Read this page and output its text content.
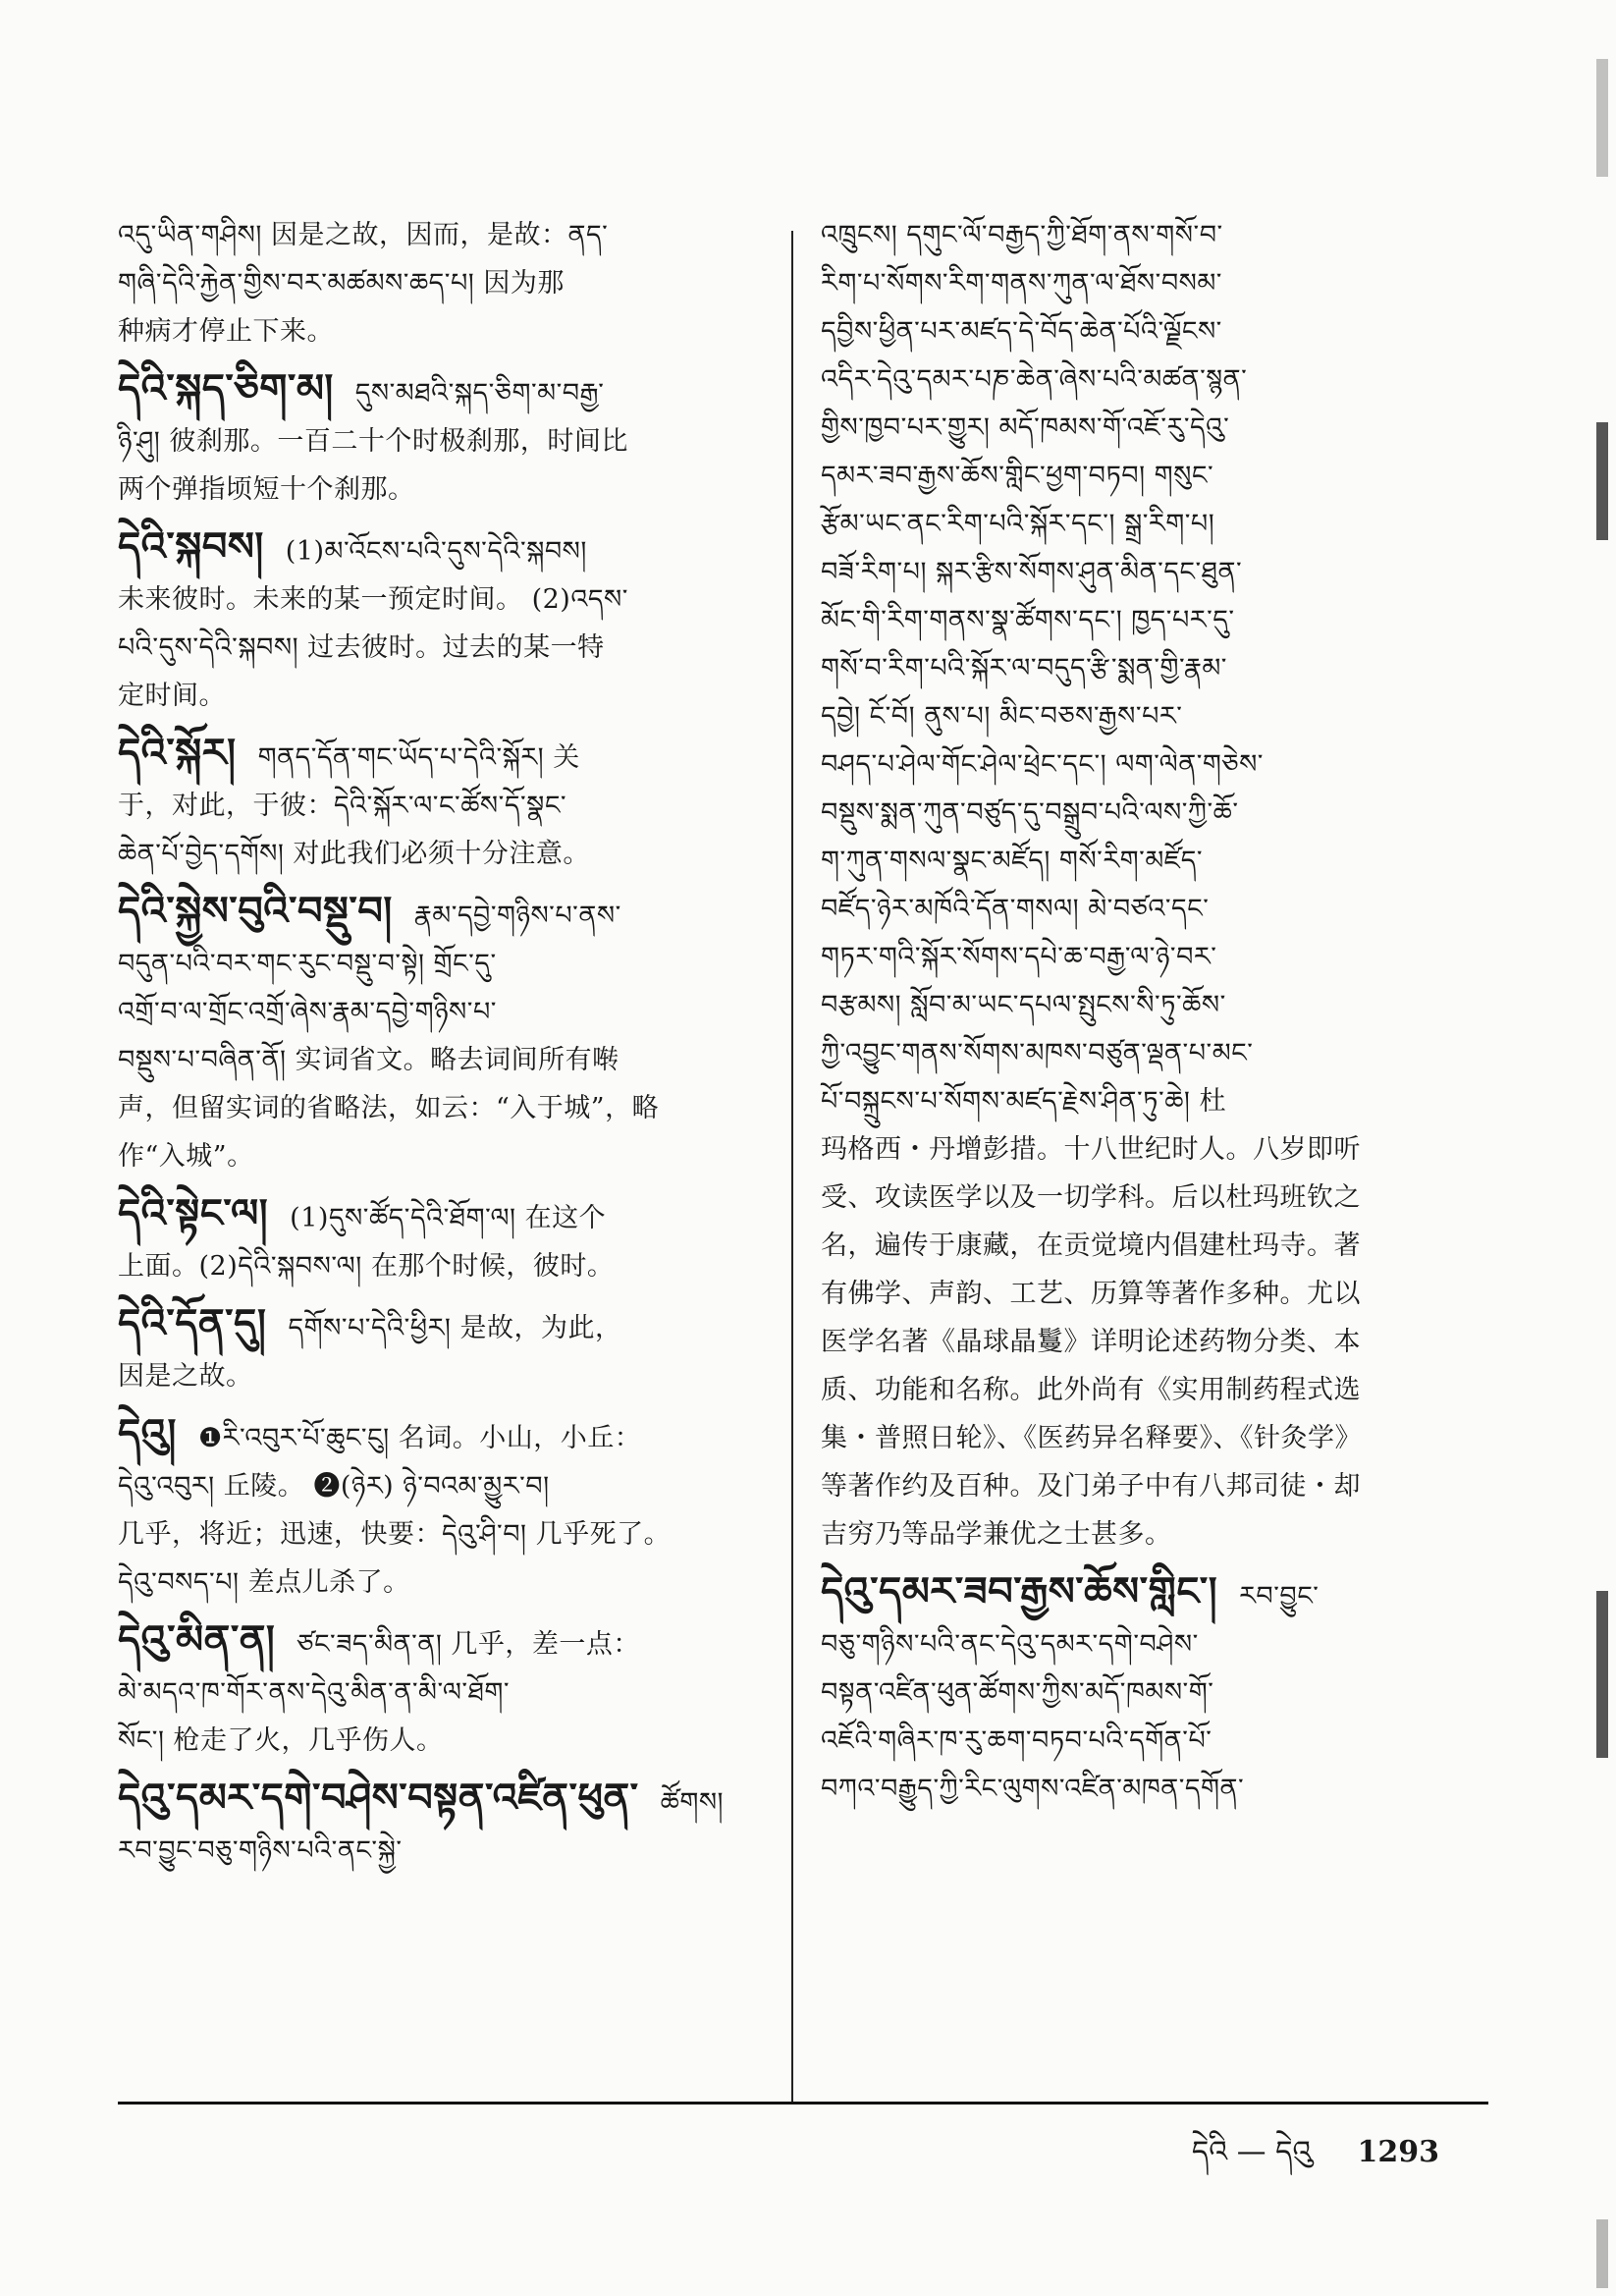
འདུ་ཡིན་གཤིས། 因是之故，因而，是故：ནད་

གཞི་དེའི་རྐྱེན་གྱིས་བར་མཚམས་ཆད་པ། 因为那

种病才停止下来。

དེའི་སྐད་ཅིག་མ། དུས་མཐའི་སྐད་ཅིག་མ་བརྒྱ་

ཉི་ཤུ། 彼刹那。一百二十个时极刹那，时间比

两个弹指顷短十个刹那。

དེའི་སྐབས། (1)མ་འོངས་པའི་དུས་དེའི་སྐབས།

未来彼时。未来的某一预定时间。 (2)འདས་

པའི་དུས་དེའི་སྐབས། 过去彼时。过去的某一特

定时间。

དེའི་སྐོར། གནད་དོན་གང་ཡོད་པ་དེའི་སྐོར། 关

于，对此，于彼：དེའི་སྐོར་ལ་ང་ཚོས་དོ་སྣང་

ཆེན་པོ་བྱེད་དགོས། 对此我们必须十分注意。

དེའི་སྐྱེས་བུའི་བསྡུ་བ། རྣམ་དབྱེ་གཉིས་པ་ནས་

བདུན་པའི་བར་གང་རུང་བསྡུ་བ་སྟེ། གྲོང་དུ་

འགྲོ་བ་ལ་གྲོང་འགྲོ་ཞེས་རྣམ་དབྱེ་གཉིས་པ་

བསྡུས་པ་བཞིན་ནོ། 实词省文。略去词间所有啭

声，但留实词的省略法，如云：“入于城”，略

作“入城”。

དེའི་སྟེང་ལ། (1)དུས་ཚོད་དེའི་ཐོག་ལ། 在这个

上面。(2)དེའི་སྐབས་ལ། 在那个时候，彼时。

དེའི་དོན་དུ། དགོས་པ་དེའི་ཕྱིར། 是故，为此，

因是之故。

དེའུ། ❶རི་འབུར་པོ་ཆུང་ངུ། 名词。小山，小丘：

དེའུ་འབུར། 丘陵。 ❷(ཉེར) ཉེ་བའམ་མྱུར་བ།

几乎，将近；迅速，快要：དེའུ་ཤི་བ། 几乎死了。

དེའུ་བསད་པ། 差点儿杀了。

དེའུ་མིན་ན། ཙང་ཟད་མིན་ན། 几乎，差一点：

མེ་མདའ་ཁ་གོར་ནས་དེའུ་མིན་ན་མི་ལ་ཐོག་

སོང་། 枪走了火，几乎伤人。

དེའུ་དམར་དགེ་བཤེས་བསྟན་འཛིན་ཕུན་ ཚོགས། རབ་བྱུང་བཅུ་གཉིས་པའི་ནང་སྐྱེ་

འཁྲུངས། དགུང་ལོ་བརྒྱད་ཀྱི་ཐོག་ནས་གསོ་བ་

རིག་པ་སོགས་རིག་གནས་ཀུན་ལ་ཐོས་བསམ་

དབྱིས་ཕྱིན་པར་མཛད་དེ་བོད་ཆེན་པོའི་ལྗོངས་

འདིར་དེའུ་དམར་པཎ་ཆེན་ཞེས་པའི་མཚན་སྙན་

གྱིས་ཁྱབ་པར་གྱུར། མདོ་ཁམས་གོ་འཇོ་རུ་དེའུ་

དམར་ཟབ་རྒྱས་ཆོས་གླིང་ཕྱག་བཏབ། གསུང་

རྩོམ་ཡང་ནང་རིག་པའི་སྐོར་དང་། སྒྲ་རིག་པ།

བཟོ་རིག་པ། སྐར་རྩིས་སོགས་ཤུན་མིན་དང་ཐུན་

མོང་གི་རིག་གནས་སྣ་ཚོགས་དང་། ཁྱད་པར་དུ་

གསོ་བ་རིག་པའི་སྐོར་ལ་བདུད་རྩི་སྨན་གྱི་རྣམ་

དབྱེ། ངོ་བོ། ནུས་པ། མིང་བཅས་རྒྱས་པར་

བཤད་པ་ཤེལ་གོང་ཤེལ་ཕྲེང་དང་། ལག་ལེན་གཅེས་

བསྡུས་སྨན་ཀུན་བཙུད་དུ་བསྒྲུབ་པའི་ལས་ཀྱི་ཆོ་

ག་ཀུན་གསལ་སྣང་མཛོད། གསོ་རིག་མཛོད་

བཛོད་ཉེར་མཁོའི་དོན་གསལ། མེ་བཙའ་དང་

གཏར་གའི་སྐོར་སོགས་དཔེ་ཆ་བརྒྱ་ལ་ཉེ་བར་

བརྩམས། སློབ་མ་ཡང་དཔལ་སྤུངས་སི་ཏུ་ཆོས་

ཀྱི་འབྱུང་གནས་སོགས་མཁས་བཙུན་ལྡན་པ་མང་

པོ་བསྐྲུངས་པ་སོགས་མཛད་རྗེས་ཤིན་ཏུ་ཆེ། 杜

玛格西・丹增彭措。十八世纪时人。八岁即听

受、攻读医学以及一切学科。后以杜玛班钦之

名，遍传于康藏，在贡觉境内倡建杜玛寺。著

有佛学、声韵、工艺、历算等著作多种。尤以

医学名著《晶球晶鬘》详明论述药物分类、本

质、功能和名称。此外尚有《实用制药程式选

集・普照日轮》、《医药异名释要》、《针灸学》

等著作约及百种。及门弟子中有八邦司徒・却

吉穷乃等品学兼优之士甚多。

དེའུ་དམར་ཟབ་རྒྱས་ཆོས་གླིང་། རབ་བྱུང་

བཅུ་གཉིས་པའི་ནང་དེའུ་དམར་དགེ་བཤེས་

བསྟན་འཛིན་ཕུན་ཚོགས་ཀྱིས་མདོ་ཁམས་གོ་

འཇོའི་གཞིར་ཁ་རུ་ཆག་བཏབ་པའི་དགོན་པོ་

བཀའ་བརྒྱུད་ཀྱི་རིང་ལུགས་འཛིན་མཁན་དགོན་

དེའི — དེའུ 1293
